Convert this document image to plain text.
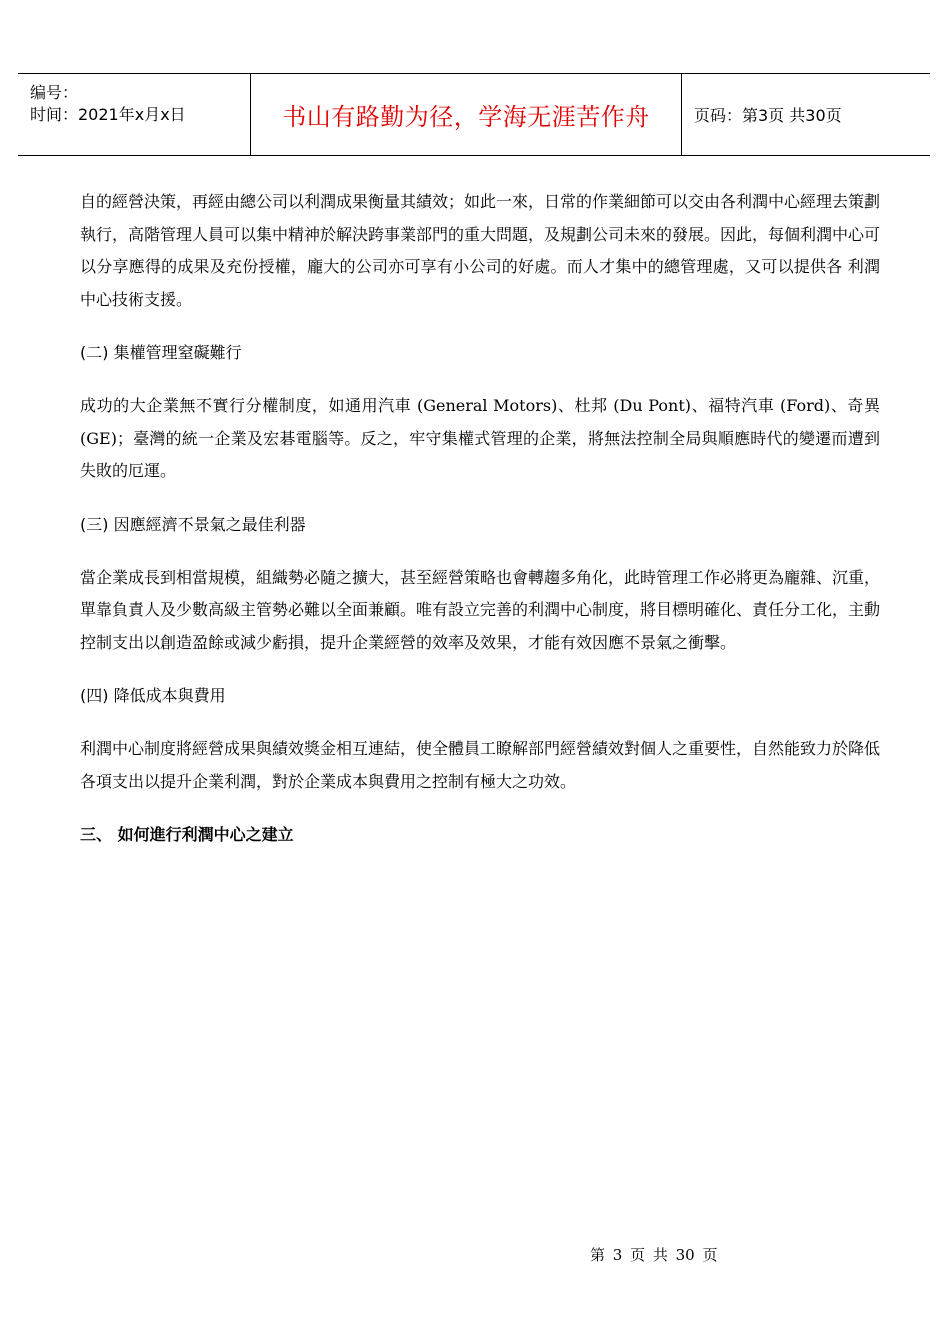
编号：
时间：2021年x月x日	书山有路勤为径，学海无涯苦作舟	页码：第3页 共30页

自的經營決策，再經由總公司以利潤成果衡量其績效；如此一來，日常的作業細節可以交由各利潤中心經理去策劃執行，高階管理人員可以集中精神於解決跨事業部門的重大問題，及規劃公司未來的發展。因此，每個利潤中心可以分享應得的成果及充份授權，龐大的公司亦可享有小公司的好處。而人才集中的總管理處，又可以提供各 利潤中心技術支援。

(二) 集權管理窒礙難行

成功的大企業無不實行分權制度，如通用汽車 (General Motors)、杜邦 (Du Pont)、福特汽車 (Ford)、奇異 (GE)；臺灣的統一企業及宏碁電腦等。反之，牢守集權式管理的企業，將無法控制全局與順應時代的變遷而遭到失敗的厄運。

(三) 因應經濟不景氣之最佳利器

當企業成長到相當規模，組織勢必隨之擴大，甚至經營策略也會轉趨多角化，此時管理工作必將更為龐雜、沉重，單靠負責人及少數高級主管勢必難以全面兼顧。唯有設立完善的利潤中心制度，將目標明確化、責任分工化，主動控制支出以創造盈餘或減少虧損，提升企業經營的效率及效果，才能有效因應不景氣之衝擊。

(四) 降低成本與費用

利潤中心制度將經營成果與績效獎金相互連結，使全體員工瞭解部門經營績效對個人之重要性，自然能致力於降低各項支出以提升企業利潤，對於企業成本與費用之控制有極大之功效。

三、 如何進行利潤中心之建立

第 3 页 共 30 页
